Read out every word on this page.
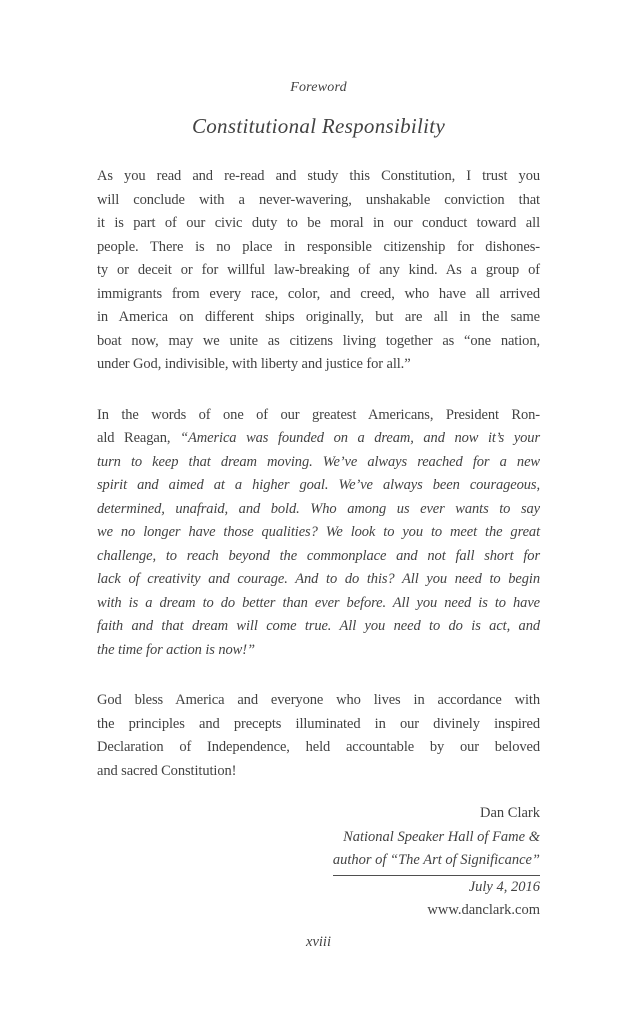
Foreword
Constitutional Responsibility
As you read and re-read and study this Constitution, I trust you
will conclude with a never-wavering, unshakable conviction that
it is part of our civic duty to be moral in our conduct toward all
people. There is no place in responsible citizenship for dishones-
ty or deceit or for willful law-breaking of any kind. As a group of
immigrants from every race, color, and creed, who have all arrived
in America on different ships originally, but are all in the same
boat now, may we unite as citizens living together as “one nation,
under God, indivisible, with liberty and justice for all.”
In the words of one of our greatest Americans, President Ron-
ald Reagan, “America was founded on a dream, and now it’s your
turn to keep that dream moving. We’ve always reached for a new
spirit and aimed at a higher goal. We’ve always been courageous,
determined, unafraid, and bold. Who among us ever wants to say
we no longer have those qualities? We look to you to meet the great
challenge, to reach beyond the commonplace and not fall short for
lack of creativity and courage. And to do this? All you need to begin
with is a dream to do better than ever before. All you need is to have
faith and that dream will come true. All you need to do is act, and
the time for action is now!”
God bless America and everyone who lives in accordance with
the principles and precepts illuminated in our divinely inspired
Declaration of Independence, held accountable by our beloved
and sacred Constitution!
Dan Clark
National Speaker Hall of Fame &
author of “The Art of Significance”
July 4, 2016
www.danclark.com
xviii
